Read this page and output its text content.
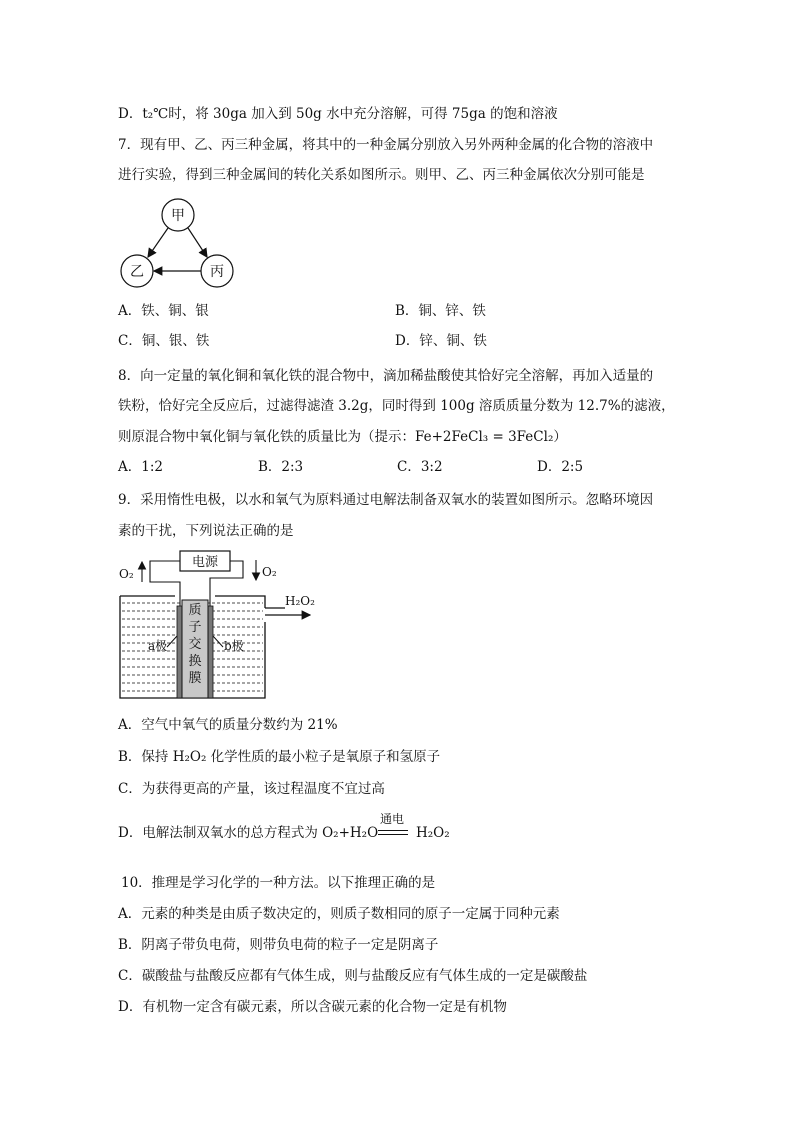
D．t₂℃时，将 30ga 加入到 50g 水中充分溶解，可得 75ga 的饱和溶液
7．现有甲、乙、丙三种金属，将其中的一种金属分别放入另外两种金属的化合物的溶液中
进行实验，得到三种金属间的转化关系如图所示。则甲、乙、丙三种金属依次分别可能是
甲
乙	丙
A．铁、铜、银	B．铜、锌、铁
C．铜、银、铁	D．锌、铜、铁
8．向一定量的氧化铜和氧化铁的混合物中，滴加稀盐酸使其恰好完全溶解，再加入适量的
铁粉，恰好完全反应后，过滤得滤渣 3.2g，同时得到 100g 溶质质量分数为 12.7%的滤液，
则原混合物中氧化铜与氧化铁的质量比为（提示：Fe+2FeCl₃ = 3FeCl₂）
A．1:2	B．2:3	C．3:2	D．2:5
9．采用惰性电极，以水和氧气为原料通过电解法制备双氧水的装置如图所示。忽略环境因
素的干扰，下列说法正确的是
电源
质
子
交
换
膜
O₂	O₂
H₂O₂
a极	b极
A．空气中氧气的质量分数约为 21%
B．保持 H₂O₂ 化学性质的最小粒子是氧原子和氢原子
C．为获得更高的产量，该过程温度不宜过高
D．电解法制双氧水的总方程式为 O₂+H₂O
通电
H₂O₂
10．推理是学习化学的一种方法。以下推理正确的是
A．元素的种类是由质子数决定的，则质子数相同的原子一定属于同种元素
B．阴离子带负电荷，则带负电荷的粒子一定是阴离子
C．碳酸盐与盐酸反应都有气体生成，则与盐酸反应有气体生成的一定是碳酸盐
D．有机物一定含有碳元素，所以含碳元素的化合物一定是有机物
